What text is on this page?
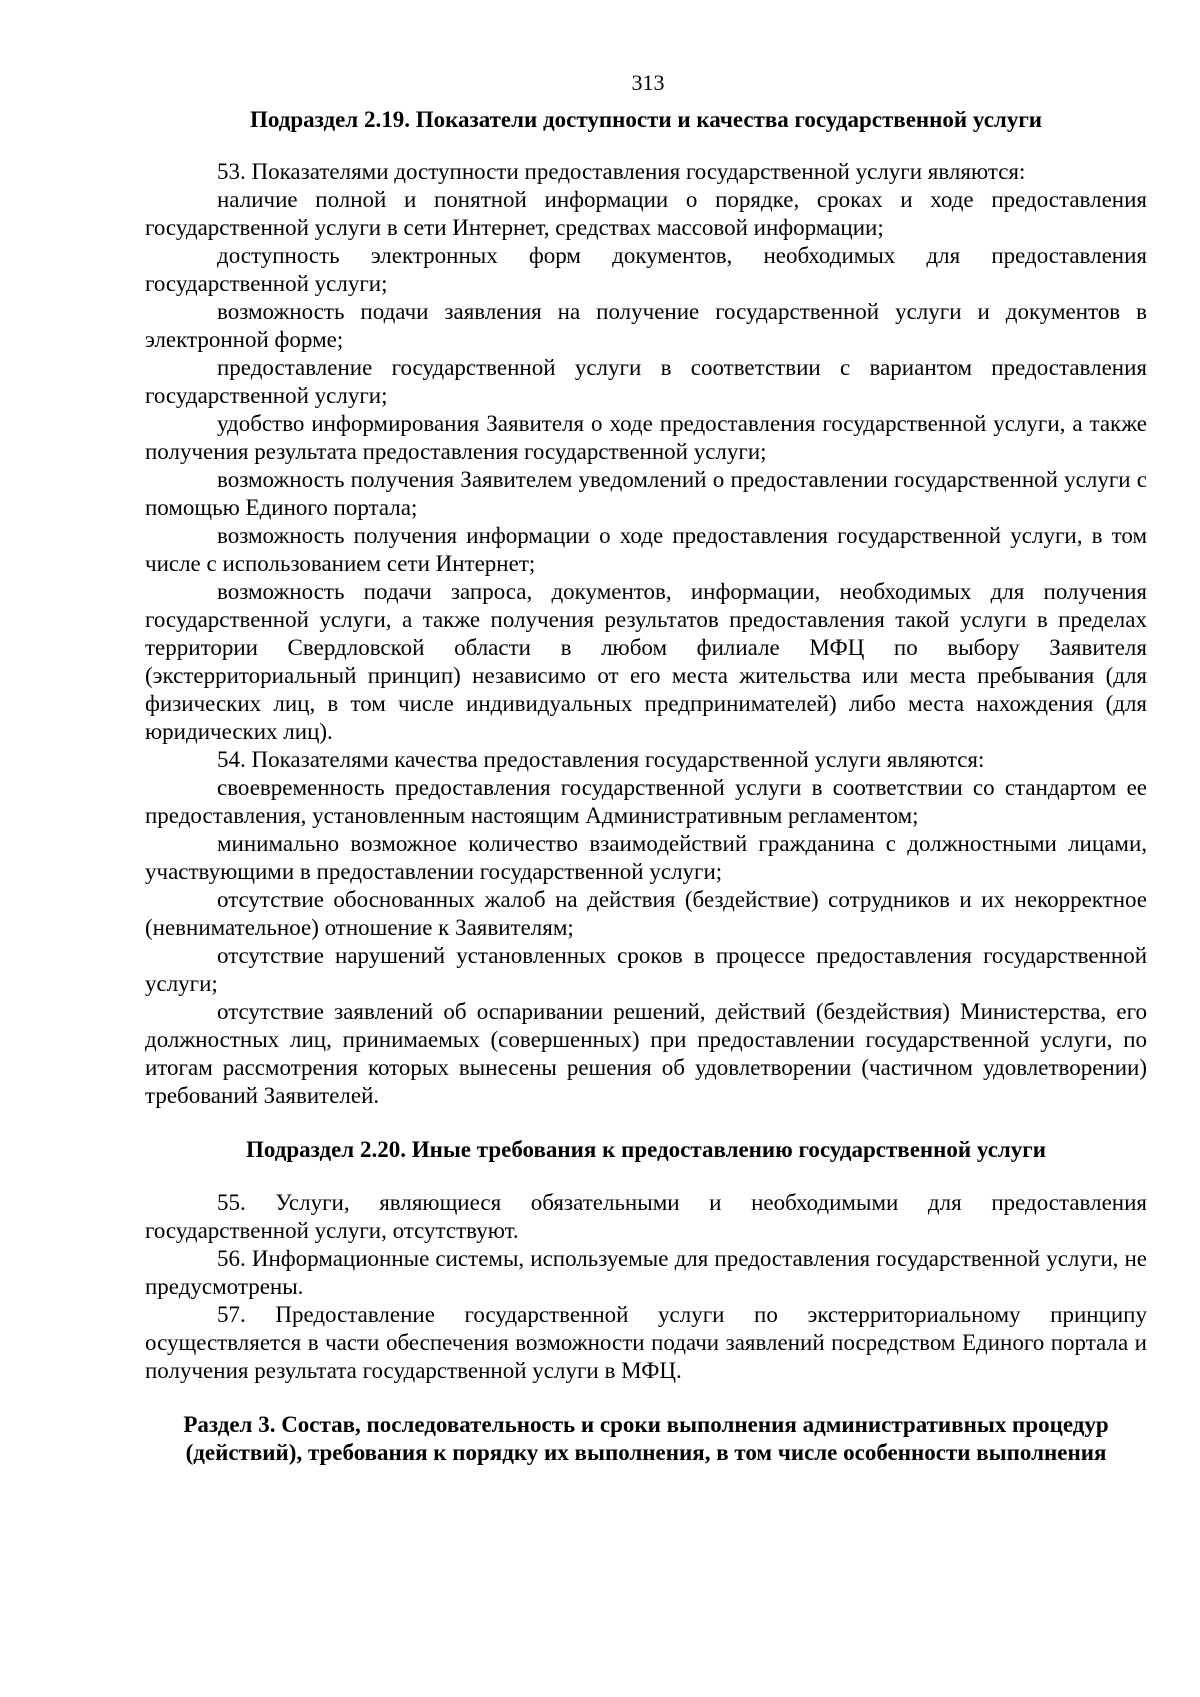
313
Подраздел 2.19. Показатели доступности и качества государственной услуги

53. Показателями доступности предоставления государственной услуги являются:

наличие полной и понятной информации о порядке, сроках и ходе предоставления государственной услуги в сети Интернет, средствах массовой информации;

доступность электронных форм документов, необходимых для предоставления государственной услуги;

возможность подачи заявления на получение государственной услуги и документов в электронной форме;

предоставление государственной услуги в соответствии с вариантом предоставления государственной услуги;

удобство информирования Заявителя о ходе предоставления государственной услуги, а также получения результата предоставления государственной услуги;

возможность получения Заявителем уведомлений о предоставлении государственной услуги с помощью Единого портала;

возможность получения информации о ходе предоставления государственной услуги, в том числе с использованием сети Интернет;

возможность подачи запроса, документов, информации, необходимых для получения государственной услуги, а также получения результатов предоставления такой услуги в пределах территории Свердловской области в любом филиале МФЦ по выбору Заявителя (экстерриториальный принцип) независимо от его места жительства или места пребывания (для физических лиц, в том числе индивидуальных предпринимателей) либо места нахождения (для юридических лиц).

54. Показателями качества предоставления государственной услуги являются:

своевременность предоставления государственной услуги в соответствии со стандартом ее предоставления, установленным настоящим Административным регламентом;

минимально возможное количество взаимодействий гражданина с должностными лицами, участвующими в предоставлении государственной услуги;

отсутствие обоснованных жалоб на действия (бездействие) сотрудников и их некорректное (невнимательное) отношение к Заявителям;

отсутствие нарушений установленных сроков в процессе предоставления государственной услуги;

отсутствие заявлений об оспаривании решений, действий (бездействия) Министерства, его должностных лиц, принимаемых (совершенных) при предоставлении государственной услуги, по итогам рассмотрения которых вынесены решения об удовлетворении (частичном удовлетворении) требований Заявителей.

Подраздел 2.20. Иные требования к предоставлению государственной услуги

55. Услуги, являющиеся обязательными и необходимыми для предоставления государственной услуги, отсутствуют.

56. Информационные системы, используемые для предоставления государственной услуги, не предусмотрены.

57. Предоставление государственной услуги по экстерриториальному принципу осуществляется в части обеспечения возможности подачи заявлений посредством Единого портала и получения результата государственной услуги в МФЦ.

Раздел 3. Состав, последовательность и сроки выполнения административных процедур
(действий), требования к порядку их выполнения, в том числе особенности выполнения
